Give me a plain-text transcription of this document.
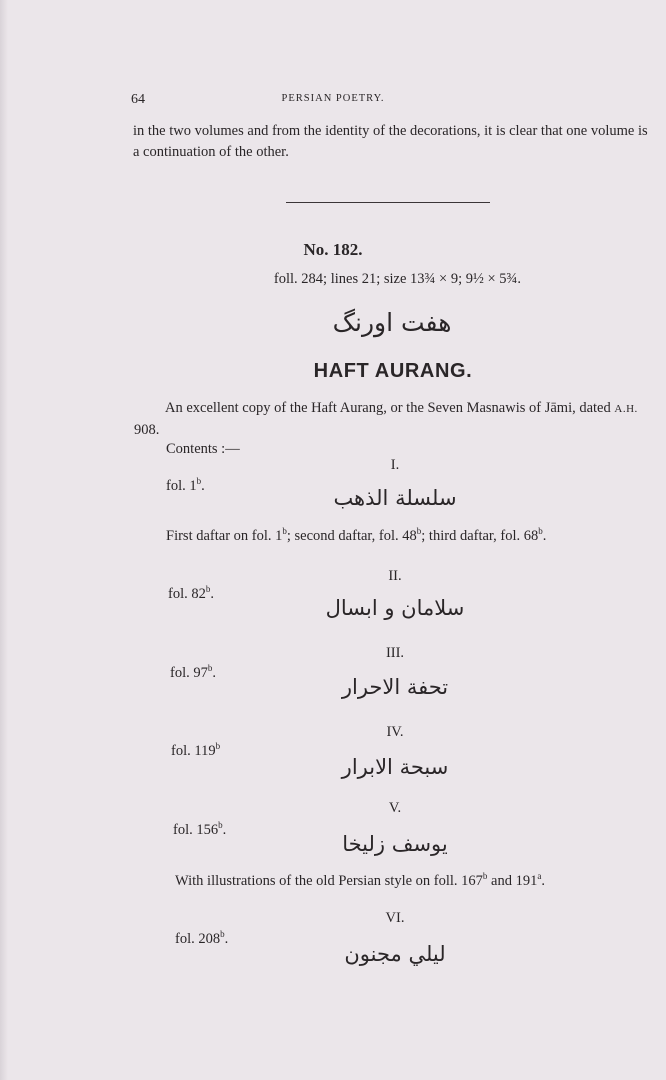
64	PERSIAN POETRY.
in the two volumes and from the identity of the decorations, it is clear that one volume is a continuation of the other.
No. 182.
foll. 284; lines 21; size 13¾ × 9; 9½ × 5¾.
هفت اورنگ
HAFT AURANG.
An excellent copy of the Haft Aurang, or the Seven Masnawis of Jāmi, dated A.H. 908.
Contents :—
I.
fol. 1$^b$.	سلسلة الذهب
First daftar on fol. 1$^b$; second daftar, fol. 48$^b$; third daftar, fol. 68$^b$.
II.
fol. 82$^b$.
سلامان و ابسال
III.
fol. 97$^b$.
تحفة الاحرار
IV.
fol. 119$^b$
سبحة الابرار
V.
fol. 156$^b$.
يوسف زليخا
With illustrations of the old Persian style on foll. 167$^b$ and 191$^a$.
VI.
fol. 208$^b$.
ليلي مجنون
